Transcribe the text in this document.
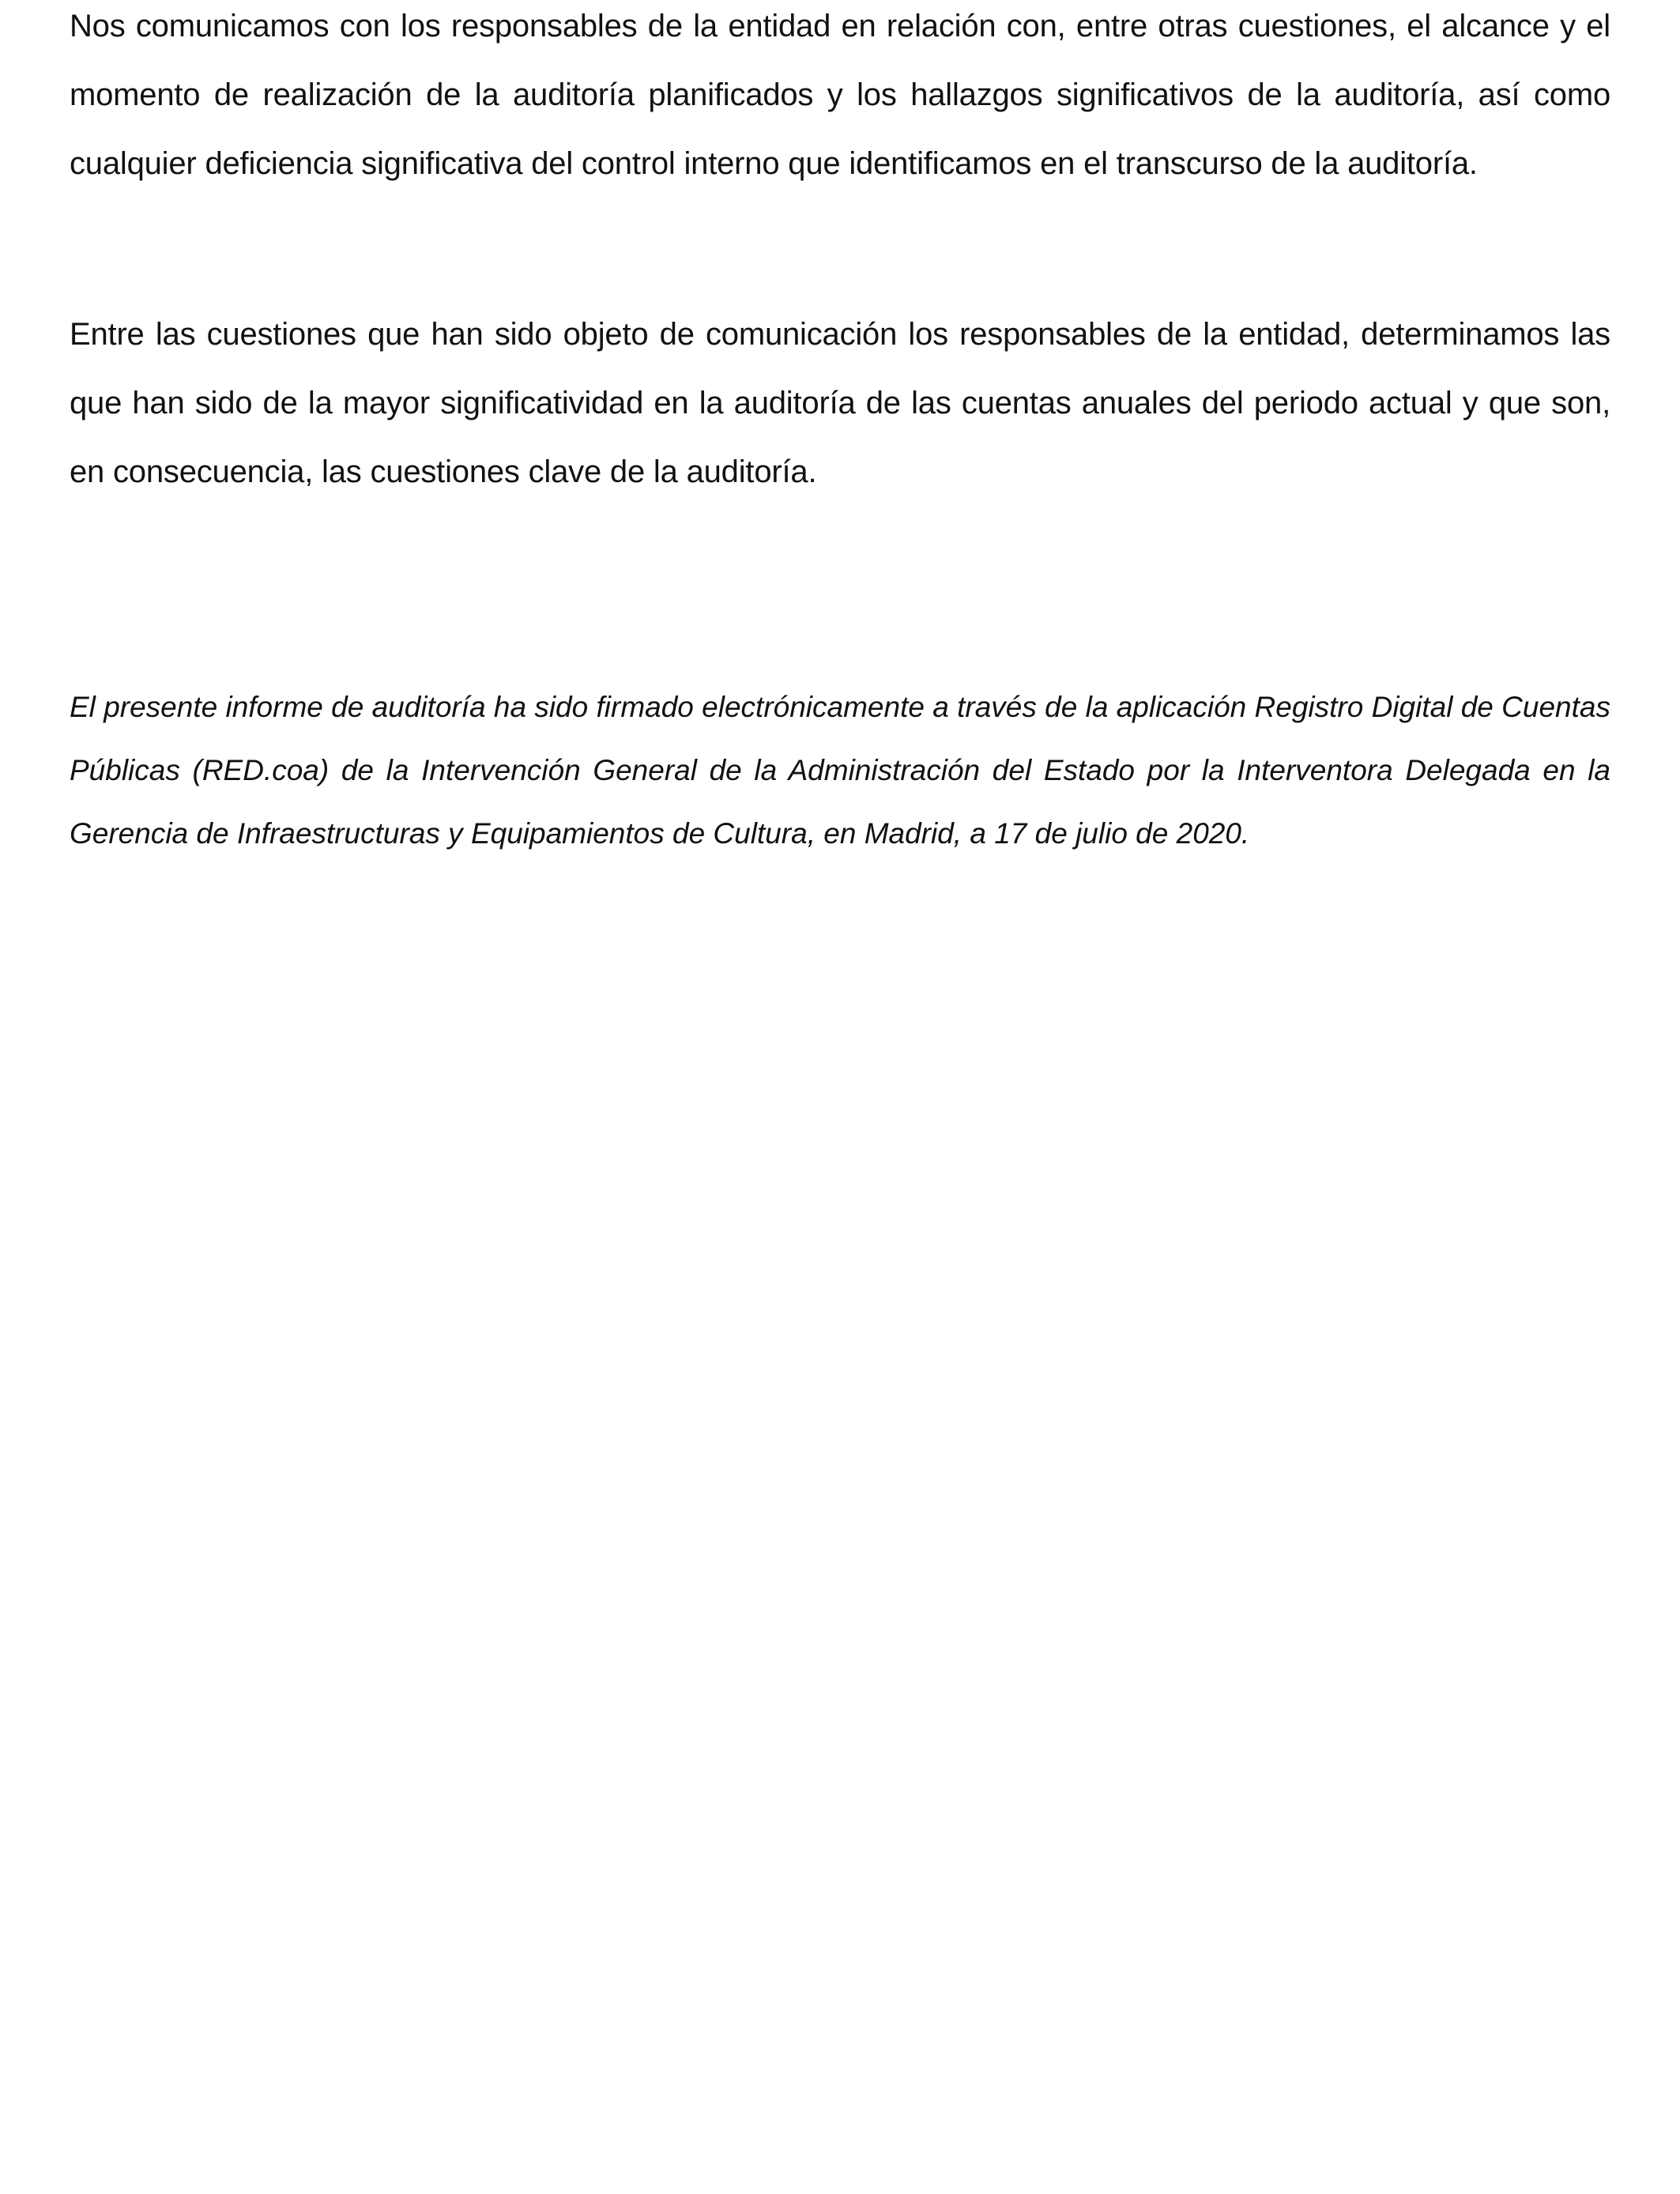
Nos comunicamos con los responsables de la entidad en relación con, entre otras cuestiones, el alcance y el momento de realización de la auditoría planificados y los hallazgos significativos de la auditoría, así como cualquier deficiencia significativa del control interno que identificamos en el transcurso de la auditoría.

Entre las cuestiones que han sido objeto de comunicación los responsables de la entidad, determinamos las que han sido de la mayor significatividad en la auditoría de las cuentas anuales del periodo actual y que son, en consecuencia, las cuestiones clave de la auditoría.

El presente informe de auditoría ha sido firmado electrónicamente a través de la aplicación Registro Digital de Cuentas Públicas (RED.coa) de la Intervención General de la Administración del Estado por la Interventora Delegada en la Gerencia de Infraestructuras y Equipamientos de Cultura, en Madrid, a 17 de julio de 2020.
